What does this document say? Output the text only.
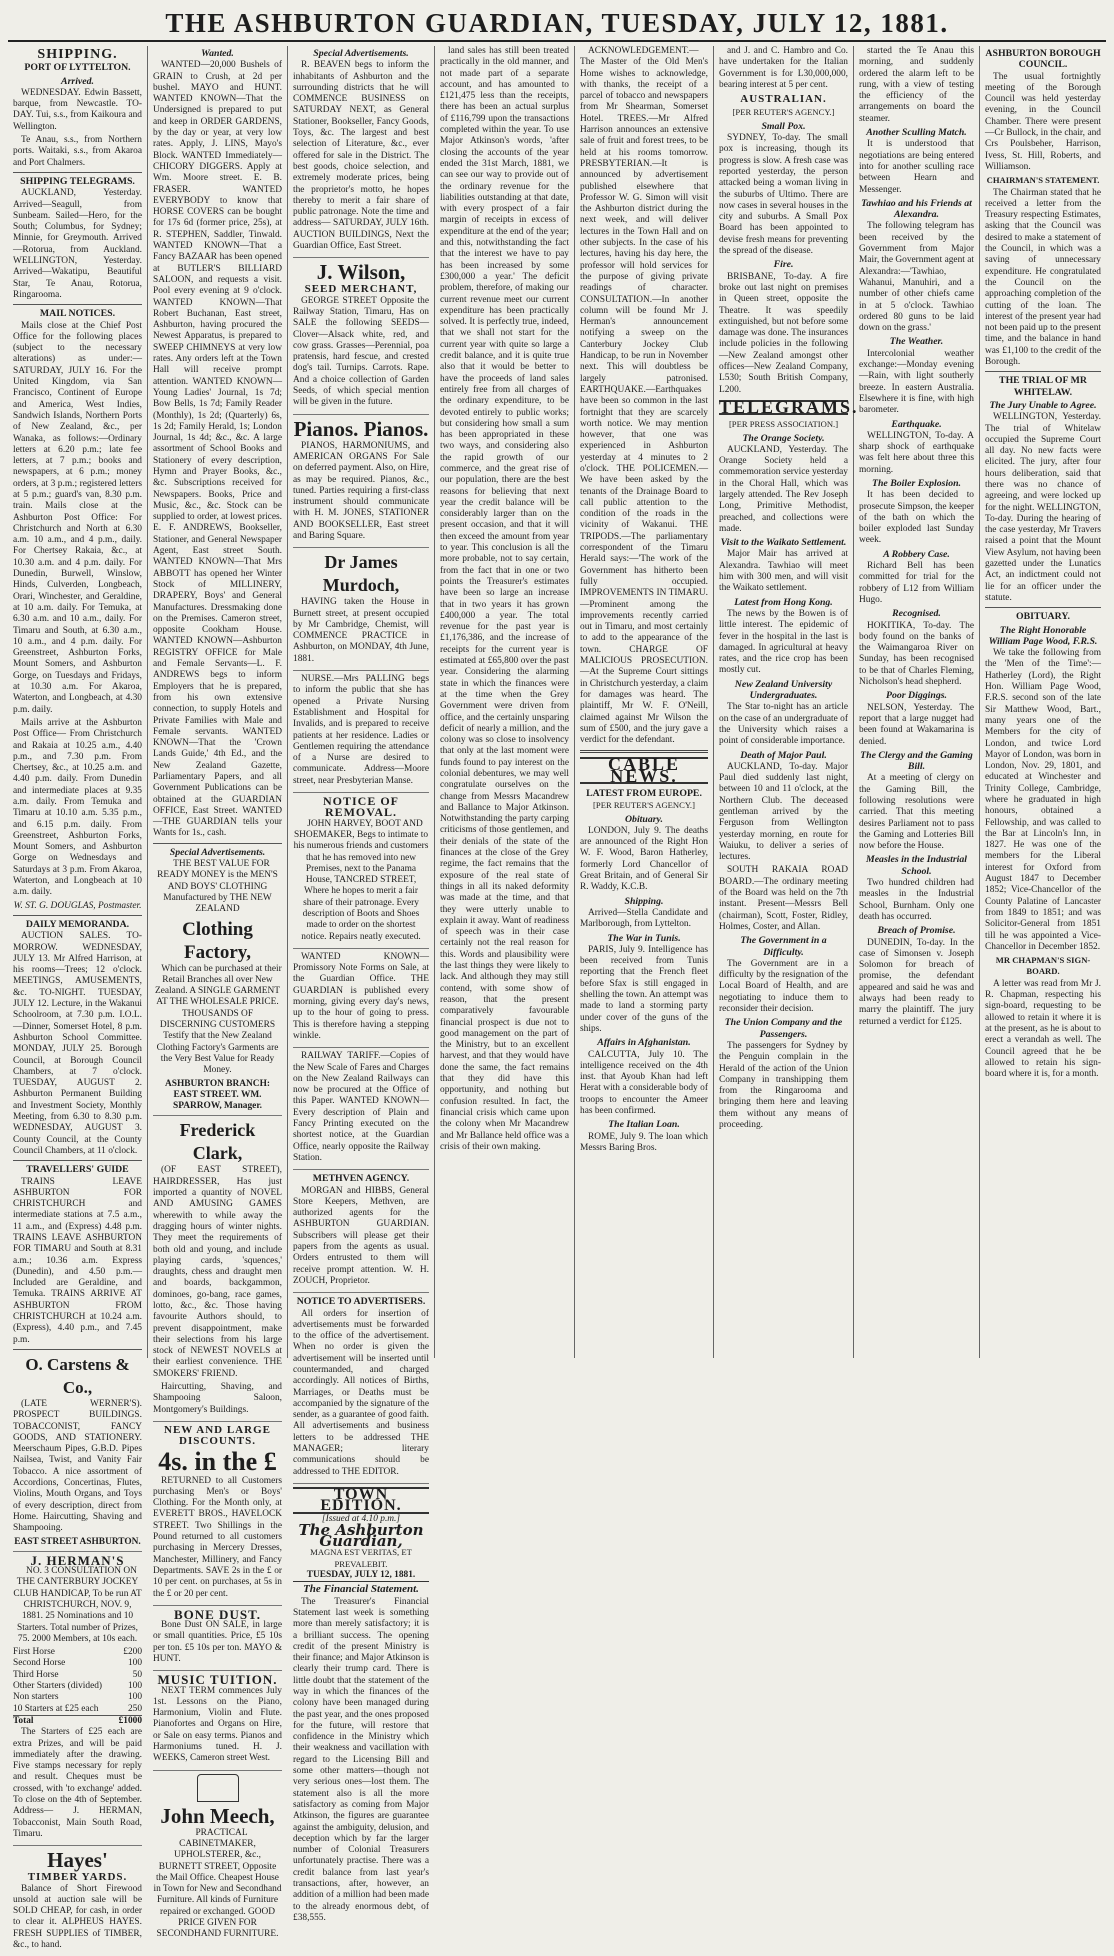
THE ASHBURTON GUARDIAN, TUESDAY, JULY 12, 1881.
SHIPPING.
PORT OF LYTTELTON.
Arrived.
WEDNESDAY. Edwin Bassett, barque, from Newcastle. TO-DAY. Tui, s.s., from Kaikoura and Wellington.
Te Anau, s.s., from Northern ports. Waitaki, s.s., from Akaroa and Port Chalmers.
SHIPPING TELEGRAMS.
AUCKLAND, Yesterday. Arrived—Seagull, from Sunbeam. Sailed—Hero, for the South; Columbus, for Sydney; Minnie, for Greymouth. Arrived—Rotorua, from Auckland. WELLINGTON, Yesterday. Arrived—Wakatipu, Beautiful Star, Te Anau, Rotorua, Ringarooma.
MAIL NOTICES.
Mails close at the Chief Post Office for the following places (subject to the necessary alterations) as under:— SATURDAY, JULY 16. For the United Kingdom, via San Francisco, Continent of Europe and America, West Indies, Sandwich Islands, Northern Ports of New Zealand, &c., per Wanaka, as follows:—Ordinary letters at 6.20 p.m.; late fee letters, at 7 p.m.; books and newspapers, at 6 p.m.; money orders, at 3 p.m.; registered letters at 5 p.m.; guard's van, 8.30 p.m. train. Mails close at the Ashburton Post Office: For Christchurch and North at 6.30 a.m. 10 a.m., and 4 p.m., daily. For Chertsey Rakaia, &c., at 10.30 a.m. and 4 p.m. daily. For Dunedin, Burwell, Winslow, Hinds, Culverden, Longbeach, Orari, Winchester, and Geraldine, at 10 a.m. daily. For Temuka, at 6.30 a.m. and 10 a.m., daily. For Timaru and South, at 6.30 a.m., 10 a.m., and 4 p.m. daily. For Greenstreet, Ashburton Forks, Mount Somers, and Ashburton Gorge, on Tuesdays and Fridays, at 10.30 a.m. For Akaroa, Waterton, and Longbeach, at 4.30 p.m. daily.
Mails arrive at the Ashburton Post Office— From Christchurch and Rakaia at 10.25 a.m., 4.40 p.m., and 7.30 p.m. From Chertsey, &c., at 10.25 a.m. and 4.40 p.m. daily. From Dunedin and intermediate places at 9.35 a.m. daily. From Temuka and Timaru at 10.10 a.m. 5.35 p.m., and 6.15 p.m. daily. From Greenstreet, Ashburton Forks, Mount Somers, and Ashburton Gorge on Wednesdays and Saturdays at 3 p.m. From Akaroa, Waterton, and Longbeach at 10 a.m. daily.
W. ST. G. DOUGLAS, Postmaster.
DAILY MEMORANDA.
AUCTION SALES. TO-MORROW. WEDNESDAY, JULY 13. Mr Alfred Harrison, at his rooms—Trees; 12 o'clock. MEETINGS, AMUSEMENTS, &c. TO-NIGHT. TUESDAY, JULY 12. Lecture, in the Wakanui Schoolroom, at 7.30 p.m. I.O.L.—Dinner, Somerset Hotel, 8 p.m. Ashburton School Committee. MONDAY, JULY 25. Borough Council, at Borough Council Chambers, at 7 o'clock. TUESDAY, AUGUST 2. Ashburton Permanent Building and Investment Society, Monthly Meeting, from 6.30 to 8.30 p.m. WEDNESDAY, AUGUST 3. County Council, at the County Council Chambers, at 11 o'clock.
TRAVELLERS' GUIDE
TRAINS LEAVE ASHBURTON FOR CHRISTCHURCH and intermediate stations at 7.5 a.m., 11 a.m., and (Express) 4.48 p.m. TRAINS LEAVE ASHBURTON FOR TIMARU and South at 8.31 a.m.; 10.36 a.m. Express (Dunedin), and 4.50 p.m.—Included are Geraldine, and Temuka. TRAINS ARRIVE AT ASHBURTON FROM CHRISTCHURCH at 10.24 a.m. (Express), 4.40 p.m., and 7.45 p.m.
O. Carstens & Co.,
(LATE WERNER'S). PROSPECT BUILDINGS. TOBACCONIST, FANCY GOODS, AND STATIONERY. Meerschaum Pipes, G.B.D. Pipes Nailsea, Twist, and Vanity Fair Tobacco. A nice assortment of Accordions, Concertinas, Flutes, Violins, Mouth Organs, and Toys of every description, direct from Home. Haircutting, Shaving and Shampooing.
EAST STREET ASHBURTON.
J. HERMAN'S
NO. 3 CONSULTATION ON THE CANTERBURY JOCKEY CLUB HANDICAP, To be run AT CHRISTCHURCH, NOV. 9, 1881. 25 Nominations and 10 Starters. Total number of Prizes, 75. 2000 Members, at 10s each.
First Horse	£200
Second Horse	100
Third Horse	50
Other Starters (divided)	100
Non starters	100
10 Starters at £25 each	250
Total	£1000
The Starters of £25 each are extra Prizes, and will be paid immediately after the drawing. Five stamps necessary for reply and result. Cheques must be crossed, with 'to exchange' added. To close on the 4th of September. Address— J. HERMAN, Tobacconist, Main South Road, Timaru.
Hayes'
TIMBER YARDS.
Balance of Short Firewood unsold at auction sale will be SOLD CHEAP, for cash, in order to clear it. ALPHEUS HAYES. FRESH SUPPLIES of TIMBER, &c., to hand.
Wanted.
WANTED—20,000 Bushels of GRAIN to Crush, at 2d per bushel. MAYO and HUNT. WANTED KNOWN—That the Undersigned is prepared to put and keep in ORDER GARDENS, by the day or year, at very low rates. Apply, J. LINS, Mayo's Block. WANTED Immediately—CHICORY DIGGERS. Apply at Wm. Moore street. E. B. FRASER. WANTED EVERYBODY to know that HORSE COVERS can be bought for 17s 6d (former price, 25s), at R. STEPHEN, Saddler, Tinwald. WANTED KNOWN—That a Fancy BAZAAR has been opened at BUTLER'S BILLIARD SALOON, and requests a visit. Pool every evening at 9 o'clock. WANTED KNOWN—That Robert Buchanan, East street, Ashburton, having procured the Newest Apparatus, is prepared to SWEEP CHIMNEYS at very low rates. Any orders left at the Town Hall will receive prompt attention. WANTED KNOWN—Young Ladies' Journal, 1s 7d; Bow Bells, 1s 7d; Family Reader (Monthly), 1s 2d; (Quarterly) 6s, 1s 2d; Family Herald, 1s; London Journal, 1s 4d; &c., &c. A large assortment of School Books and Stationery of every description, Hymn and Prayer Books, &c., &c. Subscriptions received for Newspapers. Books, Price and Music, &c., &c. Stock can be supplied to order, at lowest prices. E. F. ANDREWS, Bookseller, Stationer, and General Newspaper Agent, East street South. WANTED KNOWN—That Mrs ABBOTT has opened her Winter Stock of MILLINERY, DRAPERY, Boys' and General Manufactures. Dressmaking done on the Premises. Cameron street, opposite Cookham House. WANTED KNOWN—Ashburton REGISTRY OFFICE for Male and Female Servants—L. F. ANDREWS begs to inform Employers that he is prepared, from his own extensive connection, to supply Hotels and Private Families with Male and Female servants. WANTED KNOWN—That the 'Crown Lands Guide,' 4th Ed., and the New Zealand Gazette, Parliamentary Papers, and all Government Publications can be obtained at the GUARDIAN OFFICE, East Street. WANTED—THE GUARDIAN tells your Wants for 1s., cash.
Special Advertisements.
THE BEST VALUE FOR READY MONEY is the MEN'S AND BOYS' CLOTHING Manufactured by THE NEW ZEALAND
Clothing Factory,
Which can be purchased at their Retail Branches all over New Zealand. A SINGLE GARMENT AT THE WHOLESALE PRICE. THOUSANDS OF DISCERNING CUSTOMERS Testify that the New Zealand Clothing Factory's Garments are the Very Best Value for Ready Money.
ASHBURTON BRANCH: EAST STREET. WM. SPARROW, Manager.
Frederick Clark,
(OF EAST STREET), HAIRDRESSER, Has just imported a quantity of NOVEL AND AMUSING GAMES wherewith to while away the dragging hours of winter nights. They meet the requirements of both old and young, and include playing cards, 'squences,' draughts, chess and draught men and boards, backgammon, dominoes, go-bang, race games, lotto, &c., &c. Those having favourite Authors should, to prevent disappointment, make their selections from his large stock of NEWEST NOVELS at their earliest convenience. THE SMOKERS' FRIEND.
Haircutting, Shaving, and Shampooing Saloon, Montgomery's Buildings.
NEW AND LARGE DISCOUNTS.
4s. in the £
RETURNED to all Customers purchasing Men's or Boys' Clothing. For the Month only, at EVERETT BROS., HAVELOCK STREET. Two Shillings in the Pound returned to all customers purchasing in Mercery Dresses, Manchester, Millinery, and Fancy Departments. SAVE 2s in the £ or 10 per cent. on purchases, at 5s in the £ or 20 per cent.
BONE DUST.
Bone Dust ON SALE, in large or small quantities. Price, £5 10s per ton. £5 10s per ton. MAYO & HUNT.
MUSIC TUITION.
NEXT TERM commences July 1st. Lessons on the Piano, Harmonium, Violin and Flute. Pianofortes and Organs on Hire, or Sale on easy terms. Pianos and Harmoniums tuned. H. J. WEEKS, Cameron street West.
John Meech,
PRACTICAL CABINETMAKER, UPHOLSTERER, &c., BURNETT STREET, Opposite the Mail Office. Cheapest House in Town for New and Secondhand Furniture. All kinds of Furniture repaired or exchanged. GOOD PRICE GIVEN FOR SECONDHAND FURNITURE.
Special Advertisements.
R. BEAVEN begs to inform the inhabitants of Ashburton and the surrounding districts that he will COMMENCE BUSINESS on SATURDAY NEXT, as General Stationer, Bookseller, Fancy Goods, Toys, &c. The largest and best selection of Literature, &c., ever offered for sale in the District. The best goods, choice selection, and extremely moderate prices, being the proprietor's motto, he hopes thereby to merit a fair share of public patronage. Note the time and address— SATURDAY, JULY 16th. AUCTION BUILDINGS, Next the Guardian Office, East Street.
J. Wilson,
SEED MERCHANT,
GEORGE STREET Opposite the Railway Station, Timaru, Has on SALE the following SEEDS— Clover—Alsack white, red, and cow grass. Grasses—Perennial, poa pratensis, hard fescue, and crested dog's tail. Turnips. Carrots. Rape. And a choice collection of Garden Seeds, of which special mention will be given in the future.
Pianos. Pianos.
PIANOS, HARMONIUMS, and AMERICAN ORGANS For Sale on deferred payment. Also, on Hire, as may be required. Pianos, &c., tuned. Parties requiring a first-class instrument should communicate with H. M. JONES, STATIONER AND BOOKSELLER, East street and Baring Square.
Dr James Murdoch,
HAVING taken the House in Burnett street, at present occupied by Mr Cambridge, Chemist, will COMMENCE PRACTICE in Ashburton, on MONDAY, 4th June, 1881.
NURSE.—Mrs PALLING begs to inform the public that she has opened a Private Nursing Establishment and Hospital for Invalids, and is prepared to receive patients at her residence. Ladies or Gentlemen requiring the attendance of a Nurse are desired to communicate. Address—Moore street, near Presbyterian Manse.
NOTICE OF REMOVAL.
JOHN HARVEY, BOOT AND SHOEMAKER, Begs to intimate to his numerous friends and customers that he has removed into new Premises, next to the Panama House, TANCRED STREET, Where he hopes to merit a fair share of their patronage. Every description of Boots and Shoes made to order on the shortest notice. Repairs neatly executed.
WANTED KNOWN—Promissory Note Forms on Sale, at the Guardian Office. THE GUARDIAN is published every morning, giving every day's news, up to the hour of going to press. This is therefore having a stepping winkle.
RAILWAY TARIFF.—Copies of the New Scale of Fares and Charges on the New Zealand Railways can now be procured at the Office of this Paper. WANTED KNOWN—Every description of Plain and Fancy Printing executed on the shortest notice, at the Guardian Office, nearly opposite the Railway Station.
METHVEN AGENCY.
MORGAN and HIBBS, General Store Keepers, Methven, are authorized agents for the ASHBURTON GUARDIAN. Subscribers will please get their papers from the agents as usual. Orders entrusted to them will receive prompt attention. W. H. ZOUCH, Proprietor.
NOTICE TO ADVERTISERS.
All orders for insertion of advertisements must be forwarded to the office of the advertisement. When no order is given the advertisement will be inserted until countermanded, and charged accordingly. All notices of Births, Marriages, or Deaths must be accompanied by the signature of the sender, as a guarantee of good faith. All advertisements and business letters to be addressed THE MANAGER; literary communications should be addressed to THE EDITOR.
TOWN EDITION.
[Issued at 4.10 p.m.]
The Ashburton Guardian,
MAGNA EST VERITAS, ET PREVALEBIT.
TUESDAY, JULY 12, 1881.
The Financial Statement.
The Treasurer's Financial Statement last week is something more than merely satisfactory; it is a brilliant success. The opening credit of the present Ministry is their finance; and Major Atkinson is clearly their trump card. There is little doubt that the statement of the way in which the finances of the colony have been managed during the past year, and the ones proposed for the future, will restore that confidence in the Ministry which their weakness and vacillation with regard to the Licensing Bill and some other matters—though not very serious ones—lost them. The statement also is all the more satisfactory as coming from Major Atkinson, the figures are guarantee against the ambiguity, delusion, and deception which by far the larger number of Colonial Treasurers unfortunately practise. There was a credit balance from last year's transactions, after, however, an addition of a million had been made to the already enormous debt, of £38,555.
land sales has still been treated practically in the old manner, and not made part of a separate account, and has amounted to £121,475 less than the receipts, there has been an actual surplus of £116,799 upon the transactions completed within the year. To use Major Atkinson's words, 'after closing the accounts of the year ended the 31st March, 1881, we can see our way to provide out of the ordinary revenue for the liabilities outstanding at that date, with every prospect of a fair margin of receipts in excess of expenditure at the end of the year; and this, notwithstanding the fact that the interest we have to pay has been increased by some £300,000 a year.' The deficit problem, therefore, of making our current revenue meet our current expenditure has been practically solved. It is perfectly true, indeed, that we shall not start for the current year with quite so large a credit balance, and it is quite true also that it would be better to have the proceeds of land sales entirely free from all charges of the ordinary expenditure, to be devoted entirely to public works; but considering how small a sum has been appropriated in these two ways, and considering also the rapid growth of our commerce, and the great rise of our population, there are the best reasons for believing that next year the credit balance will be considerably larger than on the present occasion, and that it will then exceed the amount from year to year. This conclusion is all the more probable, not to say certain, from the fact that in one or two points the Treasurer's estimates have been so large an increase that in two years it has grown £400,000 a year. The total revenue for the past year is £1,176,386, and the increase of receipts for the current year is estimated at £65,800 over the past year. Considering the alarming state in which the finances were at the time when the Grey Government were driven from office, and the certainly unsparing deficit of nearly a million, and the colony was so close to insolvency that only at the last moment were funds found to pay interest on the colonial debentures, we may well congratulate ourselves on the change from Messrs Macandrew and Ballance to Major Atkinson. Notwithstanding the party carping criticisms of those gentlemen, and their denials of the state of the finances at the close of the Grey regime, the fact remains that the exposure of the real state of things in all its naked deformity was made at the time, and that they were utterly unable to explain it away. Want of readiness of speech was in their case certainly not the real reason for this. Words and plausibility were the last things they were likely to lack. And although they may still contend, with some show of reason, that the present comparatively favourable financial prospect is due not to good management on the part of the Ministry, but to an excellent harvest, and that they would have done the same, the fact remains that they did have this opportunity, and nothing but confusion resulted. In fact, the financial crisis which came upon the colony when Mr Macandrew and Mr Ballance held office was a crisis of their own making.
ACKNOWLEDGEMENT.—The Master of the Old Men's Home wishes to acknowledge, with thanks, the receipt of a parcel of tobacco and newspapers from Mr Shearman, Somerset Hotel. TREES.—Mr Alfred Harrison announces an extensive sale of fruit and forest trees, to be held at his rooms tomorrow. PRESBYTERIAN.—It is announced by advertisement published elsewhere that Professor W. G. Simon will visit the Ashburton district during the next week, and will deliver lectures in the Town Hall and on other subjects. In the case of his lectures, having his day here, the professor will hold services for the purpose of giving private readings of character. CONSULTATION.—In another column will be found Mr J. Herman's announcement notifying a sweep on the Canterbury Jockey Club Handicap, to be run in November next. This will doubtless be largely patronised. EARTHQUAKE.—Earthquakes have been so common in the last fortnight that they are scarcely worth notice. We may mention however, that one was experienced in Ashburton yesterday at 4 minutes to 2 o'clock. THE POLICEMEN.—We have been asked by the tenants of the Drainage Board to call public attention to the condition of the roads in the vicinity of Wakanui. THE TRIPODS.—The parliamentary correspondent of the Timaru Herald says:—'The work of the Government has hitherto been fully occupied. IMPROVEMENTS IN TIMARU.—Prominent among the improvements recently carried out in Timaru, and most certainly to add to the appearance of the town. CHARGE OF MALICIOUS PROSECUTION.—At the Supreme Court sittings in Christchurch yesterday, a claim for damages was heard. The plaintiff, Mr W. F. O'Neill, claimed against Mr Wilson the sum of £500, and the jury gave a verdict for the defendant.
CABLE NEWS.
LATEST FROM EUROPE.
[PER REUTER'S AGENCY.]
Obituary.
LONDON, July 9. The deaths are announced of the Right Hon W. F. Wood, Baron Hatherley, formerly Lord Chancellor of Great Britain, and of General Sir R. Waddy, K.C.B.
Shipping.
Arrived—Stella Candidate and Marlborough, from Lyttelton.
The War in Tunis.
PARIS, July 9. Intelligence has been received from Tunis reporting that the French fleet before Sfax is still engaged in shelling the town. An attempt was made to land a storming party under cover of the guns of the ships.
Affairs in Afghanistan.
CALCUTTA, July 10. The intelligence received on the 4th inst. that Ayoub Khan had left Herat with a considerable body of troops to encounter the Ameer has been confirmed.
The Italian Loan.
ROME, July 9. The loan which Messrs Baring Bros.
and J. and C. Hambro and Co. have undertaken for the Italian Government is for L30,000,000, bearing interest at 5 per cent.
AUSTRALIAN.
[PER REUTER'S AGENCY.]
Small Pox.
SYDNEY, To-day. The small pox is increasing, though its progress is slow. A fresh case was reported yesterday, the person attacked being a woman living in the suburbs of Ultimo. There are now cases in several houses in the city and suburbs. A Small Pox Board has been appointed to devise fresh means for preventing the spread of the disease.
Fire.
BRISBANE, To-day. A fire broke out last night on premises in Queen street, opposite the Theatre. It was speedily extinguished, but not before some damage was done. The insurances include policies in the following—New Zealand amongst other offices—New Zealand Company, L530; South British Company, L200.
TELEGRAMS.
[PER PRESS ASSOCIATION.]
The Orange Society.
AUCKLAND, Yesterday. The Orange Society held a commemoration service yesterday in the Choral Hall, which was largely attended. The Rev Joseph Long, Primitive Methodist, preached, and collections were made.
Visit to the Waikato Settlement.
Major Mair has arrived at Alexandra. Tawhiao will meet him with 300 men, and will visit the Waikato settlement.
Latest from Hong Kong.
The news by the Bowen is of little interest. The epidemic of fever in the hospital in the last is damaged. In agricultural at heavy rates, and the rice crop has been mostly cut.
New Zealand University Undergraduates.
The Star to-night has an article on the case of an undergraduate of the University which raises a point of considerable importance.
Death of Major Paul.
AUCKLAND, To-day. Major Paul died suddenly last night, between 10 and 11 o'clock, at the Northern Club. The deceased gentleman arrived by the Ferguson from Wellington yesterday morning, en route for Waiuku, to deliver a series of lectures.
SOUTH RAKAIA ROAD BOARD.—The ordinary meeting of the Board was held on the 7th instant. Present—Messrs Bell (chairman), Scott, Foster, Ridley, Holmes, Coster, and Allan.
The Government in a Difficulty.
The Government are in a difficulty by the resignation of the Local Board of Health, and are negotiating to induce them to reconsider their decision.
The Union Company and the Passengers.
The passengers for Sydney by the Penguin complain in the Herald of the action of the Union Company in transhipping them from the Ringarooma and bringing them here and leaving them without any means of proceeding.
started the Te Anau this morning, and suddenly ordered the alarm left to be rung, with a view of testing the efficiency of the arrangements on board the steamer.
Another Sculling Match.
It is understood that negotiations are being entered into for another sculling race between Hearn and Messenger.
Tawhiao and his Friends at Alexandra.
The following telegram has been received by the Government from Major Mair, the Government agent at Alexandra:—'Tawhiao, Wahanui, Manuhiri, and a number of other chiefs came in at 5 o'clock. Tawhiao ordered 80 guns to be laid down on the grass.'
The Weather.
Intercolonial weather exchange:—Monday evening—Rain, with light southerly breeze. In eastern Australia. Elsewhere it is fine, with high barometer.
Earthquake.
WELLINGTON, To-day. A sharp shock of earthquake was felt here about three this morning.
The Boiler Explosion.
It has been decided to prosecute Simpson, the keeper of the bath on which the boiler exploded last Sunday week.
A Robbery Case.
Richard Bell has been committed for trial for the robbery of L12 from William Hugo.
Recognised.
HOKITIKA, To-day. The body found on the banks of the Waimangaroa River on Sunday, has been recognised to be that of Charles Fleming, Nicholson's head shepherd.
Poor Diggings.
NELSON, Yesterday. The report that a large nugget had been found at Wakamarina is denied.
The Clergy and the Gaming Bill.
At a meeting of clergy on the Gaming Bill, the following resolutions were carried. That this meeting desires Parliament not to pass the Gaming and Lotteries Bill now before the House.
Measles in the Industrial School.
Two hundred children had measles in the Industrial School, Burnham. Only one death has occurred.
Breach of Promise.
DUNEDIN, To-day. In the case of Simonsen v. Joseph Solomon for breach of promise, the defendant appeared and said he was and always had been ready to marry the plaintiff. The jury returned a verdict for £125.
ASHBURTON BOROUGH COUNCIL.
The usual fortnightly meeting of the Borough Council was held yesterday evening, in the Council Chamber. There were present—Cr Bullock, in the chair, and Crs Poulsbeher, Harrison, Ivess, St. Hill, Roberts, and Williamson.
CHAIRMAN'S STATEMENT.
The Chairman stated that he received a letter from the Treasury respecting Estimates, asking that the Council was desired to make a statement of the Council, in which was a saving of unnecessary expenditure. He congratulated the Council on the approaching completion of the cutting of the loan. The interest of the present year had not been paid up to the present time, and the balance in hand was £1,100 to the credit of the Borough.
THE TRIAL OF MR WHITELAW.
The Jury Unable to Agree.
WELLINGTON, Yesterday. The trial of Whitelaw occupied the Supreme Court all day. No new facts were elicited. The jury, after four hours deliberation, said that there was no chance of agreeing, and were locked up for the night. WELLINGTON, To-day. During the hearing of the case yesterday, Mr Travers raised a point that the Mount View Asylum, not having been gazetted under the Lunatics Act, an indictment could not lie for an officer under the statute.
OBITUARY.
The Right Honorable William Page Wood, F.R.S.
We take the following from the 'Men of the Time':—Hatherley (Lord), the Right Hon. William Page Wood, F.R.S. second son of the late Sir Matthew Wood, Bart., many years one of the Members for the city of London, and twice Lord Mayor of London, was born in London, Nov. 29, 1801, and educated at Winchester and Trinity College, Cambridge, where he graduated in high honours, obtained a Fellowship, and was called to the Bar at Lincoln's Inn, in 1827. He was one of the members for the Liberal interest for Oxford from August 1847 to December 1852; Vice-Chancellor of the County Palatine of Lancaster from 1849 to 1851; and was Solicitor-General from 1851 till he was appointed a Vice-Chancellor in December 1852.
MR CHAPMAN'S SIGN-BOARD.
A letter was read from Mr J. R. Chapman, respecting his sign-board, requesting to be allowed to retain it where it is at the present, as he is about to erect a verandah as well. The Council agreed that he be allowed to retain his sign-board where it is, for a month.
